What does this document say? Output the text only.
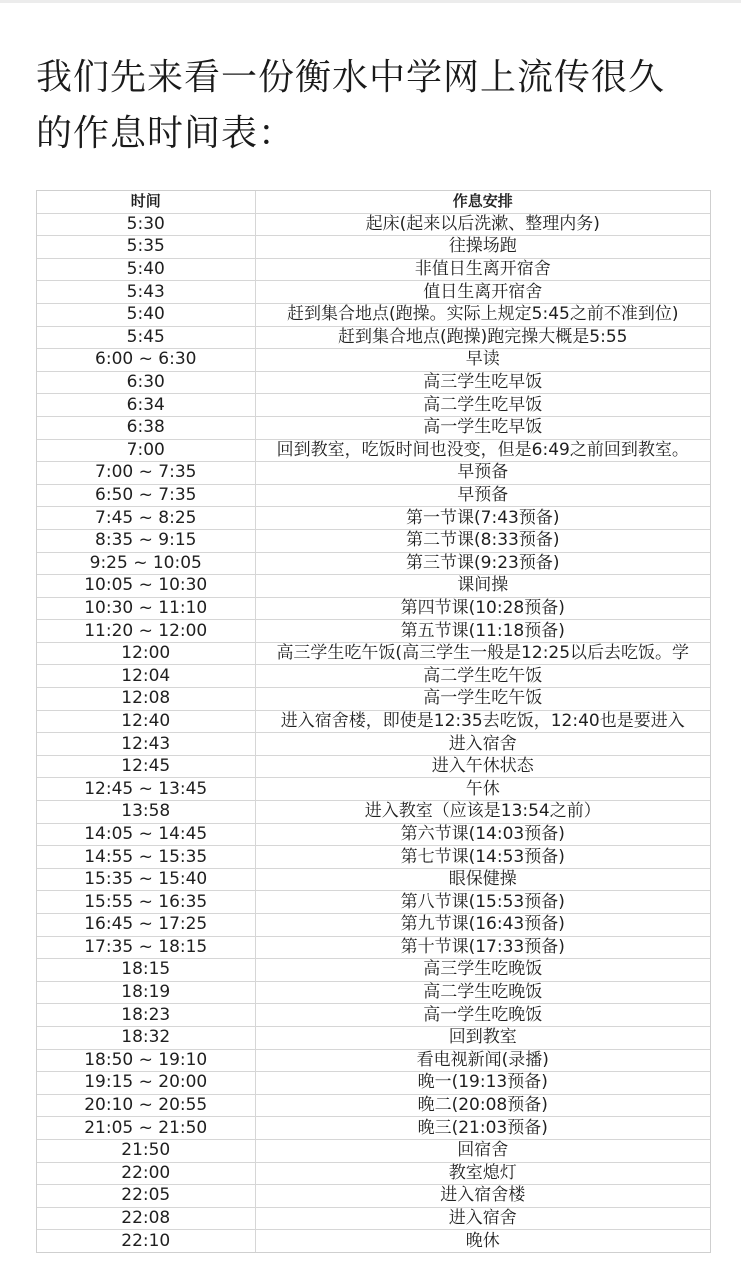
我们先来看一份衡水中学网上流传很久
的作息时间表：
时间	作息安排
5:30	起床(起来以后洗漱、整理内务)
5:35	往操场跑
5:40	非值日生离开宿舍
5:43	值日生离开宿舍
5:40	赶到集合地点(跑操。实际上规定5:45之前不准到位)
5:45	赶到集合地点(跑操)跑完操大概是5:55
6:00 ~ 6:30	早读
6:30	高三学生吃早饭
6:34	高二学生吃早饭
6:38	高一学生吃早饭
7:00	回到教室，吃饭时间也没变，但是6:49之前回到教室。
7:00 ~ 7:35	早预备
6:50 ~ 7:35	早预备
7:45 ~ 8:25	第一节课(7:43预备)
8:35 ~ 9:15	第二节课(8:33预备)
9:25 ~ 10:05	第三节课(9:23预备)
10:05 ~ 10:30	课间操
10:30 ~ 11:10	第四节课(10:28预备)
11:20 ~ 12:00	第五节课(11:18预备)
12:00	高三学生吃午饭(高三学生一般是12:25以后去吃饭。学
12:04	高二学生吃午饭
12:08	高一学生吃午饭
12:40	进入宿舍楼，即使是12:35去吃饭，12:40也是要进入
12:43	进入宿舍
12:45	进入午休状态
12:45 ~ 13:45	午休
13:58	进入教室（应该是13:54之前）
14:05 ~ 14:45	第六节课(14:03预备)
14:55 ~ 15:35	第七节课(14:53预备)
15:35 ~ 15:40	眼保健操
15:55 ~ 16:35	第八节课(15:53预备)
16:45 ~ 17:25	第九节课(16:43预备)
17:35 ~ 18:15	第十节课(17:33预备)
18:15	高三学生吃晚饭
18:19	高二学生吃晚饭
18:23	高一学生吃晚饭
18:32	回到教室
18:50 ~ 19:10	看电视新闻(录播)
19:15 ~ 20:00	晚一(19:13预备)
20:10 ~ 20:55	晚二(20:08预备)
21:05 ~ 21:50	晚三(21:03预备)
21:50	回宿舍
22:00	教室熄灯
22:05	进入宿舍楼
22:08	进入宿舍
22:10	晚休
